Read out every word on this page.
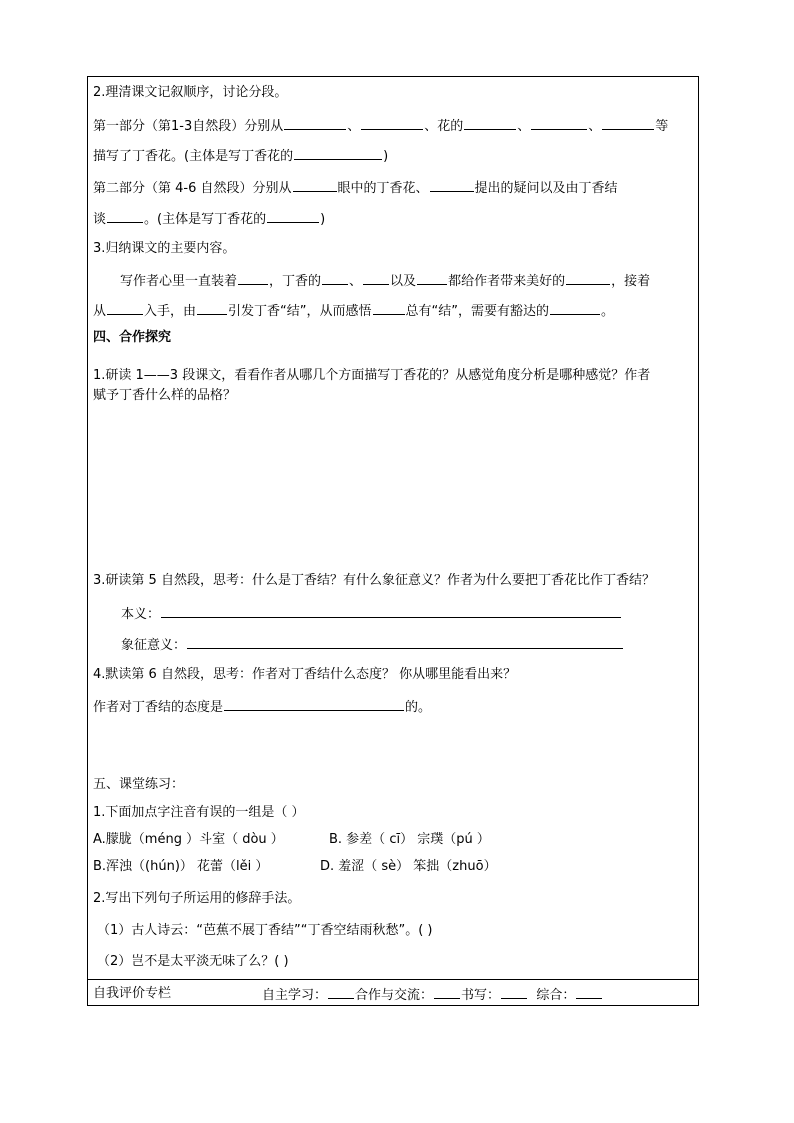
2.理清课文记叙顺序，讨论分段。
第一部分（第1-3自然段）分别从	、	、花的	、	、	等
描写了丁香花。(主体是写丁香花的	)
第二部分（第 4-6 自然段）分别从	眼中的丁香花、	提出的疑问以及由丁香结
谈	。(主体是写丁香花的	)
3.归纳课文的主要内容。
写作者心里一直装着 ，丁香的 、 以及 都给作者带来美好的	，接着
从	入手，由 引发丁香“结”，从而感悟	总有“结”，需要有豁达的	。
四、合作探究
1.研读 1——3 段课文，看看作者从哪几个方面描写丁香花的？从感觉角度分析是哪种感觉？作者
赋予丁香什么样的品格？
3.研读第 5 自然段，思考：什么是丁香结？有什么象征意义？作者为什么要把丁香花比作丁香结？
本义：
象征意义：
4.默读第 6 自然段，思考：作者对丁香结什么态度？ 你从哪里能看出来？
作者对丁香结的态度是	的。
五、课堂练习：
1.下面加点字注音有误的一组是（ ）
A.朦胧（méng ）斗室（ dòu ）	B. 参差（ cī） 宗璞（pú ）
B.浑浊（(hún)） 花蕾（lěi ）	D. 羞涩（ sè） 笨拙（zhuō）
2.写出下列句子所运用的修辞手法。
（1）古人诗云：“芭蕉不展丁香结”“丁香空结雨秋愁”。( )
（2）岂不是太平淡无味了么？( )
自我评价专栏	自主学习： 合作与交流： 书写：	综合：
